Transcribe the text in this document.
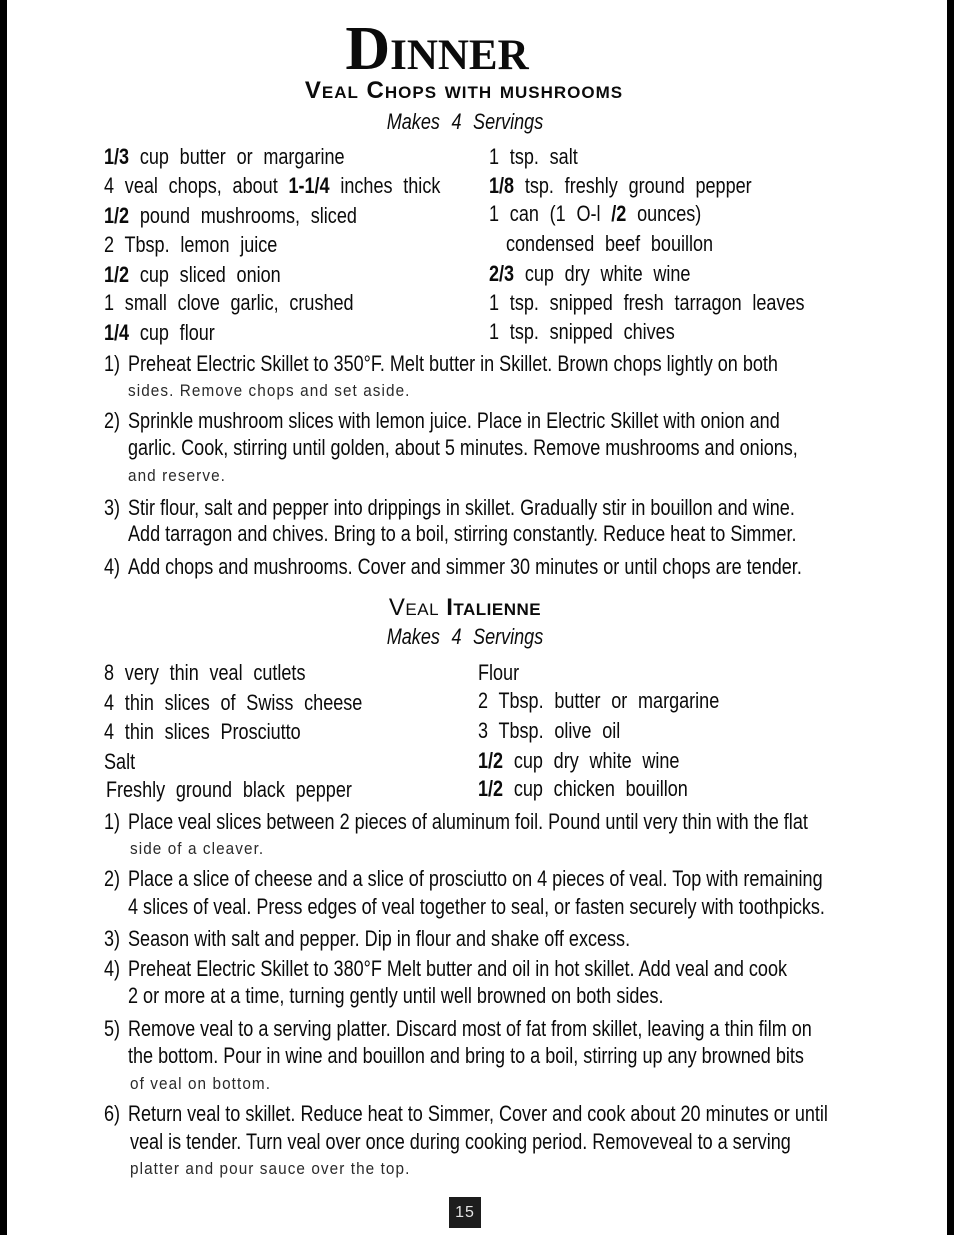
Dinner
Veal Chops with mushrooms
Makes 4 Servings
1/3 cup butter or margarine
4 veal chops, about 1-1/4 inches thick
1/2 pound mushrooms, sliced
2 Tbsp. lemon juice
1/2 cup sliced onion
1 small clove garlic, crushed
1/4 cup flour
1 tsp. salt
1/8 tsp. freshly ground pepper
1 can (1 O-l /2 ounces)
condensed beef bouillon
2/3 cup dry white wine
1 tsp. snipped fresh tarragon leaves
1 tsp. snipped chives
1) Preheat Electric Skillet to 350°F. Melt butter in Skillet. Brown chops lightly on both
sides. Remove chops and set aside.
2) Sprinkle mushroom slices with lemon juice. Place in Electric Skillet with onion and
garlic. Cook, stirring until golden, about 5 minutes. Remove mushrooms and onions,
and reserve.
3) Stir flour, salt and pepper into drippings in skillet. Gradually stir in bouillon and wine.
Add tarragon and chives. Bring to a boil, stirring constantly. Reduce heat to Simmer.
4) Add chops and mushrooms. Cover and simmer 30 minutes or until chops are tender.
Veal Italienne
Makes 4 Servings
8 very thin veal cutlets
4 thin slices of Swiss cheese
4 thin slices Prosciutto
Salt
Freshly ground black pepper
Flour
2 Tbsp. butter or margarine
3 Tbsp. olive oil
1/2 cup dry white wine
1/2 cup chicken bouillon
1) Place veal slices between 2 pieces of aluminum foil. Pound until very thin with the flat
side of a cleaver.
2) Place a slice of cheese and a slice of prosciutto on 4 pieces of veal. Top with remaining
4 slices of veal. Press edges of veal together to seal, or fasten securely with toothpicks.
3) Season with salt and pepper. Dip in flour and shake off excess.
4) Preheat Electric Skillet to 380°F Melt butter and oil in hot skillet. Add veal and cook
2 or more at a time, turning gently until well browned on both sides.
5) Remove veal to a serving platter. Discard most of fat from skillet, leaving a thin film on
the bottom. Pour in wine and bouillon and bring to a boil, stirring up any browned bits
of veal on bottom.
6) Return veal to skillet. Reduce heat to Simmer, Cover and cook about 20 minutes or until
veal is tender. Turn veal over once during cooking period. Removeveal to a serving
platter and pour sauce over the top.
15
